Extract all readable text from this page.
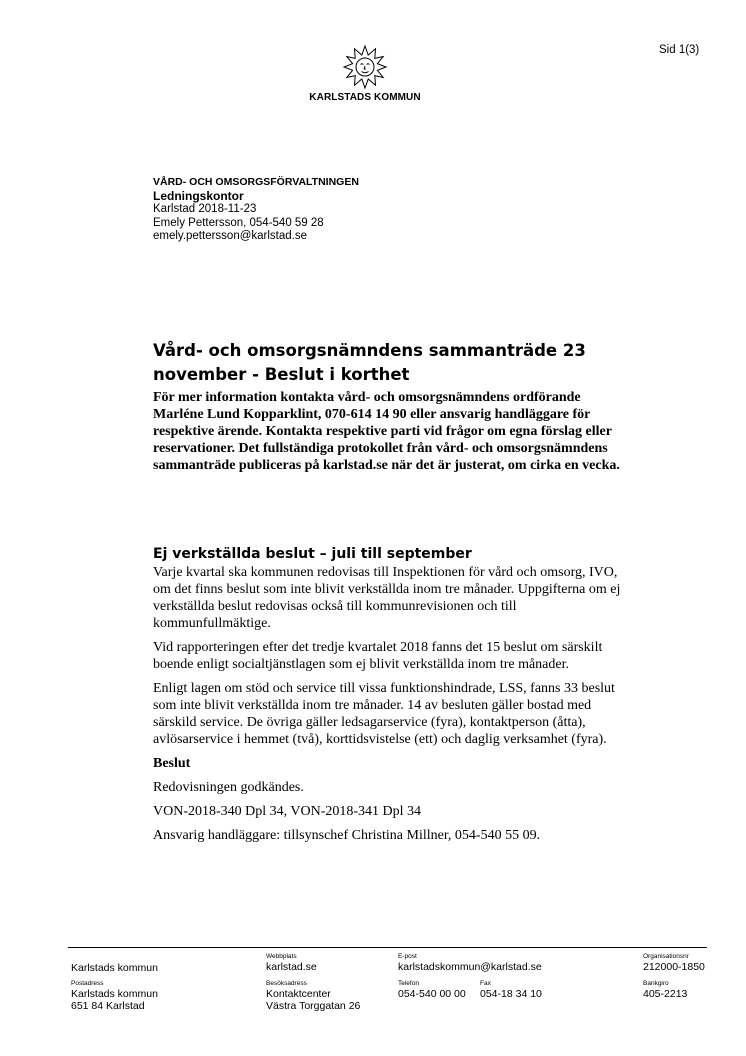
Sid 1(3)
KARLSTADS KOMMUN
VÅRD- OCH OMSORGSFÖRVALTNINGEN
Ledningskontor
Karlstad 2018-11-23
Emely Pettersson, 054-540 59 28
emely.pettersson@karlstad.se
Vård- och omsorgsnämndens sammanträde 23 november - Beslut i korthet

För mer information kontakta vård- och omsorgsnämndens ordförande Marléne Lund Kopparklint, 070-614 14 90 eller ansvarig handläggare för respektive ärende. Kontakta respektive parti vid frågor om egna förslag eller reservationer. Det fullständiga protokollet från vård- och omsorgsnämndens sammanträde publiceras på karlstad.se när det är justerat, om cirka en vecka.

Ej verkställda beslut – juli till september

Varje kvartal ska kommunen redovisas till Inspektionen för vård och omsorg, IVO, om det finns beslut som inte blivit verkställda inom tre månader. Uppgifterna om ej verkställda beslut redovisas också till kommunrevisionen och till kommunfullmäktige.

Vid rapporteringen efter det tredje kvartalet 2018 fanns det 15 beslut om särskilt boende enligt socialtjänstlagen som ej blivit verkställda inom tre månader.

Enligt lagen om stöd och service till vissa funktionshindrade, LSS, fanns 33 beslut som inte blivit verkställda inom tre månader. 14 av besluten gäller bostad med särskild service. De övriga gäller ledsagarservice (fyra), kontaktperson (åtta), avlösarservice i hemmet (två), korttidsvistelse (ett) och daglig verksamhet (fyra).

Beslut

Redovisningen godkändes.

VON-2018-340 Dpl 34, VON-2018-341 Dpl 34

Ansvarig handläggare: tillsynschef Christina Millner, 054-540 55 09.

Karlstads kommun
Webbplats
karlstad.se
E-post
karlstadskommun@karlstad.se
Organisationsnr
212000-1850
Postadress
Karlstads kommun
651 84 Karlstad
Besöksadress
Kontaktcenter
Västra Torggatan 26
Telefon
054-540 00 00
Fax
054-18 34 10
Bankgiro
405-2213
